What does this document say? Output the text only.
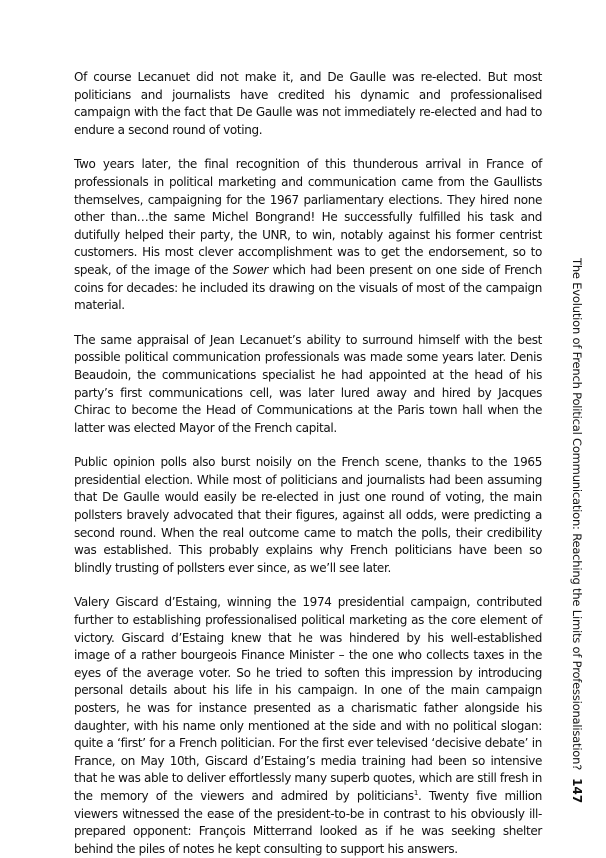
Of course Lecanuet did not make it, and De Gaulle was re-elected. But most politicians and journalists have credited his dynamic and professionalised campaign with the fact that De Gaulle was not immediately re-elected and had to endure a second round of voting.

Two years later, the final recognition of this thunderous arrival in France of professionals in political marketing and communication came from the Gaullists themselves, campaigning for the 1967 parliamentary elections. They hired none other than…the same Michel Bongrand! He successfully fulfilled his task and dutifully helped their party, the UNR, to win, notably against his former centrist customers. His most clever accomplishment was to get the endorsement, so to speak, of the image of the Sower which had been present on one side of French coins for decades: he included its drawing on the visuals of most of the campaign material.

The same appraisal of Jean Lecanuet’s ability to surround himself with the best possible political communication professionals was made some years later. Denis Beaudoin, the communications specialist he had appointed at the head of his party’s first communications cell, was later lured away and hired by Jacques Chirac to become the Head of Communications at the Paris town hall when the latter was elected Mayor of the French capital.

Public opinion polls also burst noisily on the French scene, thanks to the 1965 presidential election. While most of politicians and journalists had been assuming that De Gaulle would easily be re-elected in just one round of voting, the main pollsters bravely advocated that their figures, against all odds, were predicting a second round. When the real outcome came to match the polls, their credibility was established. This probably explains why French politicians have been so blindly trusting of pollsters ever since, as we’ll see later.

Valery Giscard d’Estaing, winning the 1974 presidential campaign, contributed further to establishing professionalised political marketing as the core element of victory. Giscard d’Estaing knew that he was hindered by his well-established image of a rather bourgeois Finance Minister – the one who collects taxes in the eyes of the average voter. So he tried to soften this impression by introducing personal details about his life in his campaign. In one of the main campaign posters, he was for instance presented as a charismatic father alongside his daughter, with his name only mentioned at the side and with no political slogan: quite a ‘first’ for a French politician. For the first ever televised ‘decisive debate’ in France, on May 10th, Giscard d’Estaing’s media training had been so intensive that he was able to deliver effortlessly many superb quotes, which are still fresh in the memory of the viewers and admired by politicians$^1$. Twenty five million viewers witnessed the ease of the president-to-be in contrast to his obviously ill-prepared opponent: François Mitterrand looked as if he was seeking shelter behind the piles of notes he kept consulting to support his answers.

The Evolution of French Political Communication: Reaching the Limits of Professionalisation?
147
